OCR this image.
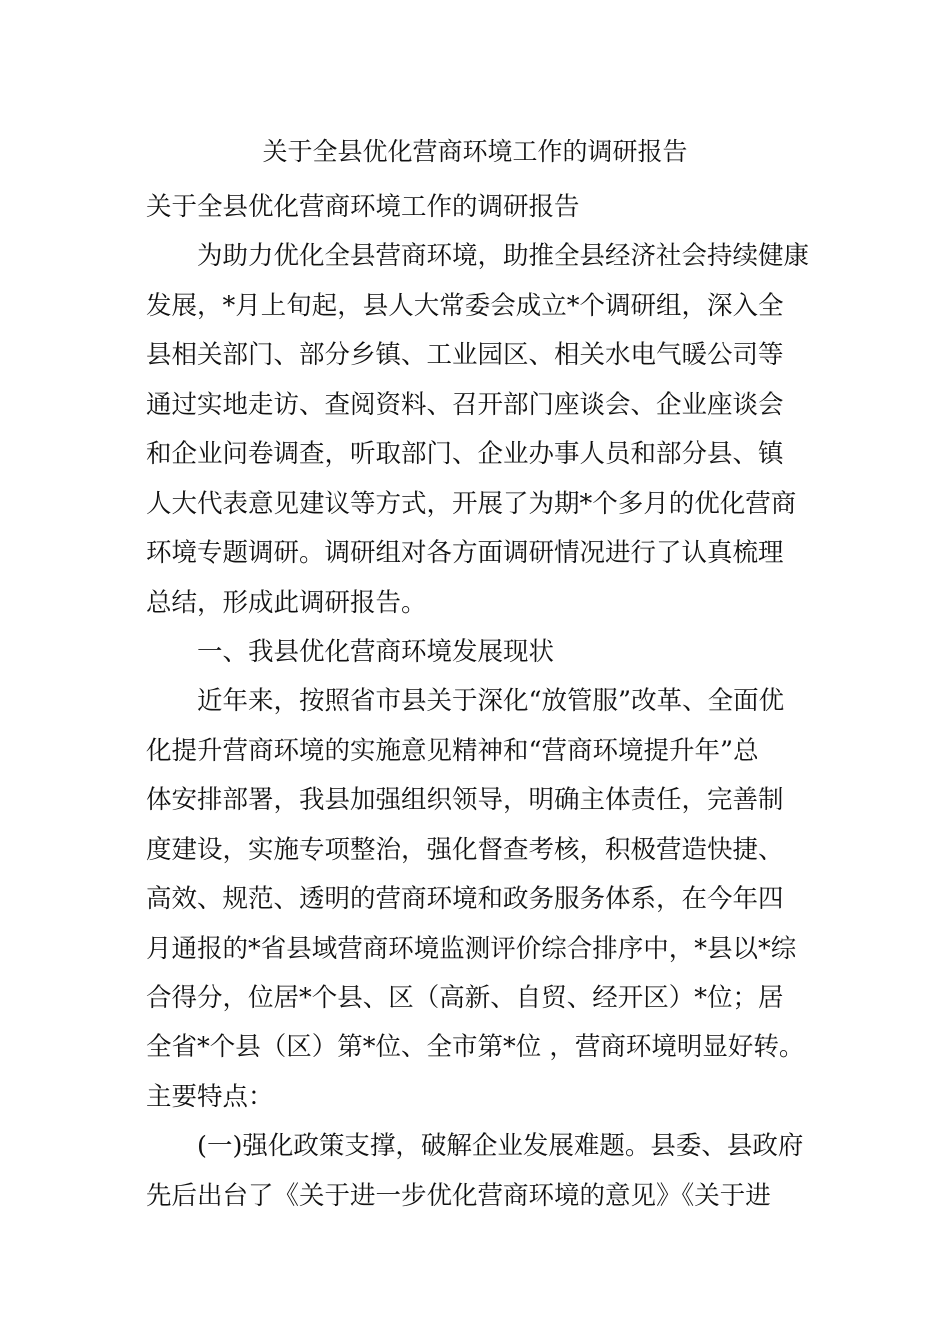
关于全县优化营商环境工作的调研报告
关于全县优化营商环境工作的调研报告
　　为助力优化全县营商环境，助推全县经济社会持续健康
发展，*月上旬起，县人大常委会成立*个调研组，深入全
县相关部门、部分乡镇、工业园区、相关水电气暖公司等
通过实地走访、查阅资料、召开部门座谈会、企业座谈会
和企业问卷调查，听取部门、企业办事人员和部分县、镇
人大代表意见建议等方式，开展了为期*个多月的优化营商
环境专题调研。调研组对各方面调研情况进行了认真梳理
总结，形成此调研报告。
　　一、我县优化营商环境发展现状
　　近年来，按照省市县关于深化“放管服”改革、全面优
化提升营商环境的实施意见精神和“营商环境提升年”总
体安排部署，我县加强组织领导，明确主体责任，完善制
度建设，实施专项整治，强化督查考核，积极营造快捷、
高效、规范、透明的营商环境和政务服务体系，在今年四
月通报的*省县域营商环境监测评价综合排序中，*县以*综
合得分，位居*个县、区（高新、自贸、经开区）*位；居
全省*个县（区）第*位、全市第*位 ，营商环境明显好转。
主要特点：
　　(一)强化政策支撑，破解企业发展难题。县委、县政府
先后出台了《关于进一步优化营商环境的意见》《关于进
